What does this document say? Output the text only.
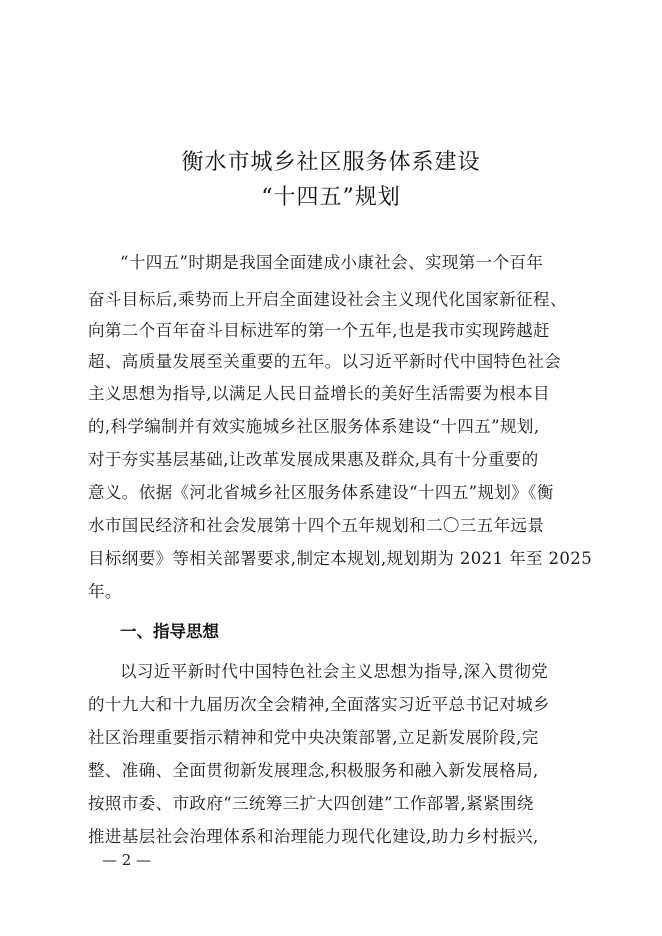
衡水市城乡社区服务体系建设
“十四五”规划
“十四五”时期是我国全面建成小康社会、实现第一个百年
奋斗目标后,乘势而上开启全面建设社会主义现代化国家新征程、
向第二个百年奋斗目标进军的第一个五年,也是我市实现跨越赶
超、高质量发展至关重要的五年。以习近平新时代中国特色社会
主义思想为指导,以满足人民日益增长的美好生活需要为根本目
的,科学编制并有效实施城乡社区服务体系建设“十四五”规划,
对于夯实基层基础,让改革发展成果惠及群众,具有十分重要的
意义。依据《河北省城乡社区服务体系建设“十四五”规划》《衡
水市国民经济和社会发展第十四个五年规划和二〇三五年远景
目标纲要》等相关部署要求,制定本规划,规划期为 2021 年至 2025
年。
一、指导思想
以习近平新时代中国特色社会主义思想为指导,深入贯彻党
的十九大和十九届历次全会精神,全面落实习近平总书记对城乡
社区治理重要指示精神和党中央决策部署,立足新发展阶段,完
整、准确、全面贯彻新发展理念,积极服务和融入新发展格局,
按照市委、市政府“三统筹三扩大四创建”工作部署,紧紧围绕
推进基层社会治理体系和治理能力现代化建设,助力乡村振兴,
— 2 —
